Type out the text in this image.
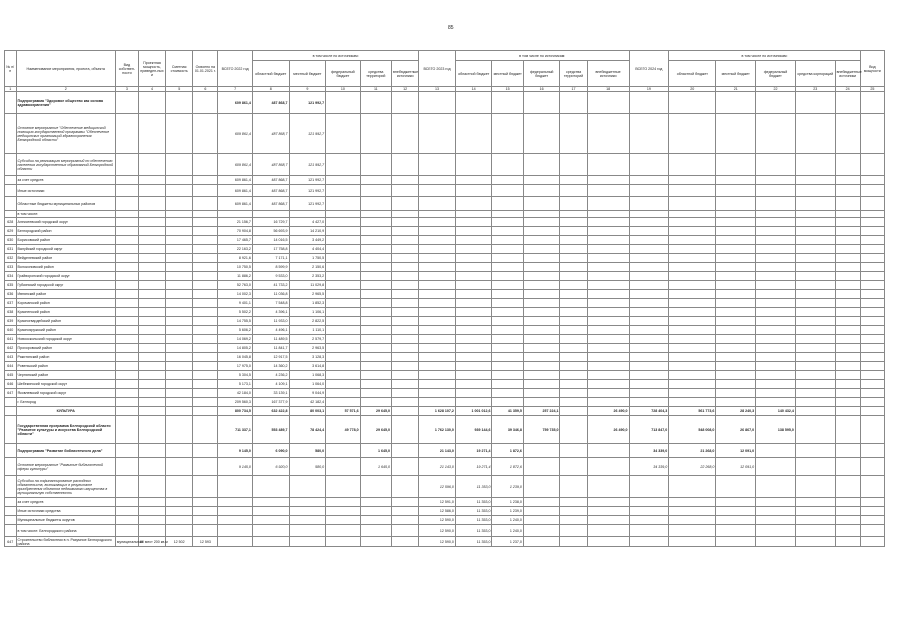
85
№ п/п	Наименование мероприятия, проекта, объекта	Вид собствен-ности	Проектная мощность, приведен-ных и	Сметная стоимость	Освоено на 01.01.2021 г.	ВСЕГО 2022 год	в том числе по источникам:					ВСЕГО 2023 год	в том числе по источникам:					ВСЕГО 2024 год	в том числе по источникам:					Вид мощности
							областной бюджет	местный бюджет	федеральный бюджет	средства территорий	внебюджетные источники		областной бюджет	местный бюджет	федеральный бюджет	средства территорий	внебюджетные источники		областной бюджет	местный бюджет	федеральный бюджет	средства корпораций	внебюджетные источники	
1	2	3	4	5	6	7	8	9	10	11	12	13	14	15	16	17	18	19	20	21	22	23	24	25
	Подпрограмма "Здоровое общество как основа здравоохранения"					609 861,4	487 868,7	121 992,7																
	Основное мероприятие "Обеспечение медицинской помощью государственной программы "Обеспечение медицинских организаций здравоохранения Белгородской области"					609 861,4	487 868,7	121 992,7																
	Субсидии на реализацию мероприятий по обеспечению населения государственных образований Белгородской области					609 861,4	487 868,7	121 992,7																
	за счет средств					609 861,4	487 868,7	121 992,7																
	Иные источники					609 861,4	487 868,7	121 992,7																
	Областные бюджеты муниципальных районов					609 861,4	487 868,7	121 992,7																
	в том числе:																							
628	Алексеевский городской округ					21 156,7	16 729,7	4 427,0																
629	Белгородский район					70 904,8	56 693,9	14 210,9																
630	Борисовский район					17 465,7	14 016,5	3 449,2																
631	Валуйский городской округ					22 163,2	17 758,8	4 404,4																
632	Вейделевский район					8 921,6	7 171,1	1 750,5																
633	Волоконовский район					10 750,5	8 599,9	2 150,6																
634	Грайворонский городской округ					11 886,2	9 533,0	2 353,2																
635	Губкинский городской округ					52 763,0	41 733,2	11 029,8																
636	Ивнянский район					14 002,3	11 036,8	2 965,5																
637	Корочанский район					9 401,1	7 548,8	1 852,3																
638	Красненский район					5 502,2	4 396,1	1 106,1																
639	Красногвардейский район					14 755,5	11 933,0	2 822,5																
640	Краснояружский район					5 606,2	4 496,1	1 110,1																
641	Новооскольский городской округ					14 069,2	11 489,5	2 579,7																
642	Прохоровский район					14 805,2	11 841,7	2 963,5																
643	Ракитянский район					16 045,8	12 917,5	3 128,3																
644	Ровеньский район					17 975,0	14 360,2	3 614,8																
645	Чернянский район					5 304,5	4 236,2	1 068,3																
646	Шебекинский городской округ					5 173,1	4 109,1	1 064,0																
647	Яковлевский городской округ					42 184,0	33 139,1	9 044,9																
	г. Белгород					209 560,3	167 377,9	42 182,4																
	КУЛЬТУРА					800 734,5	632 422,8	80 003,1	57 571,6	29 645,0		1 628 107,2	1 001 012,6	41 359,5	257 224,1		26 490,0	728 404,3	561 773,6	28 240,3	140 432,4			
	Государственная программа Белгородской области "Развитие культуры и искусства Белгородской области"					711 337,1	553 489,7	78 424,4	49 778,0	29 645,0		1 762 130,0	939 144,6	39 346,8	759 735,0		26 490,0	713 847,0	548 008,0	26 867,0	138 595,0			
	Подпрограмма "Развитие библиотечного дела"					9 145,0	6 090,0	580,0		1 645,0		21 143,0	19 271,4	1 872,6				34 339,0	21 268,0	12 091,0				
	Основное мероприятие "Развитие библиотечной сферы культуры"					9 145,0	6 920,0	580,0		1 645,0		21 143,0	19 271,4	1 872,6				34 339,0	22 268,0	12 091,0				
	Субсидии на софинансирование расходных обязательств, возникающих в результате приобретения объектов недвижимого имущества в муниципальную собственность											12 596,0	11 353,0	1 239,0										
	за счет средств											12 591,0	11 353,0	1 238,0										
	Иные источники средства											12 586,0	11 353,0	1 239,0										
	Муниципальные бюджеты округов											12 590,0	11 353,0	1 240,0										
	в том числе: Белгородского района											12 590,0	11 353,0	1 240,0										
647	Строительство библиотеки в п. Разумное Белгородского района	муниципальная	80 мест 200 кв.м	12 502	12 593							12 590,0	11 353,0	1 237,0										
